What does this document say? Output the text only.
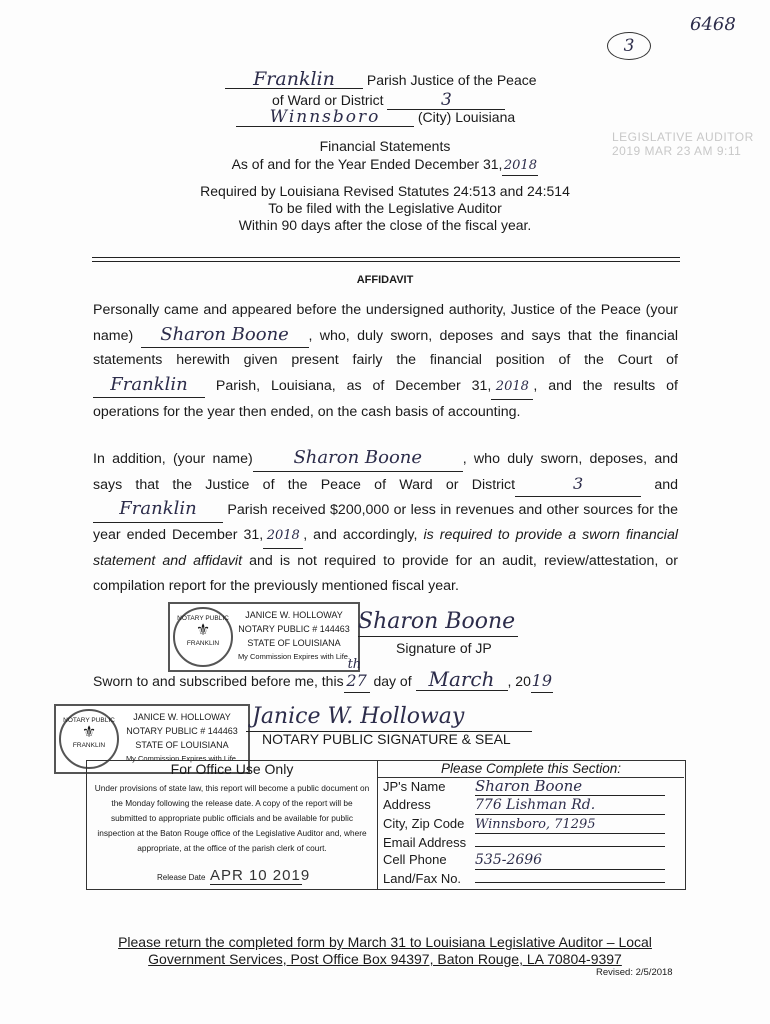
6468
3
LEGISLATIVE AUDITOR
2019 MAR 23 AM 9:11
Franklin Parish Justice of the Peace
of Ward or District	3
Winnsboro	(City) Louisiana
Financial Statements
As of and for the Year Ended December 31,2018
Required by Louisiana Revised Statutes 24:513 and 24:514
To be filed with the Legislative Auditor
Within 90 days after the close of the fiscal year.
AFFIDAVIT
Personally came and appeared before the undersigned authority, Justice of the Peace (your name) Sharon Boone , who, duly sworn, deposes and says that the financial statements herewith given present fairly the financial position of the Court of Franklin Parish, Louisiana, as of December 31, 2018 , and the results of operations for the year then ended, on the cash basis of accounting.
In addition, (your name) Sharon Boone	, who duly sworn, deposes, and says that the Justice of the Peace of Ward or District	3	and Franklin Parish received $200,000 or less in revenues and other sources for the year ended December 31, 2018 , and accordingly, is required to provide a sworn financial statement and affidavit and is not required to provide for an audit, review/attestation, or compilation report for the previously mentioned fiscal year.
NOTARY PUBLIC
⚜
FRANKLIN
JANICE W. HOLLOWAY
NOTARY PUBLIC # 144463
STATE OF LOUISIANA
My Commission Expires with Life.
Sharon Boone
Signature of JP
Sworn to and subscribed before me, this
th
27 day of March , 2019
NOTARY PUBLIC
⚜
FRANKLIN
JANICE W. HOLLOWAY
NOTARY PUBLIC # 144463
STATE OF LOUISIANA
My Commission Expires with Life.
Janice W. Holloway
NOTARY PUBLIC SIGNATURE & SEAL
For Office Use Only
Under provisions of state law, this report will become a public document on the Monday following the release date. A copy of the report will be submitted to appropriate public officials and be available for public inspection at the Baton Rouge office of the Legislative Auditor and, where appropriate, at the office of the parish clerk of court.
Release Date APR 10 2019
Please Complete this Section:
JP's Name Sharon Boone
Address	776 Lishman Rd.
City, Zip Code Winnsboro, 71295
Email Address
Cell Phone 535-2696
Land/Fax No.
Please return the completed form by March 31 to Louisiana Legislative Auditor – Local
Government Services, Post Office Box 94397, Baton Rouge, LA 70804-9397
Revised: 2/5/2018
